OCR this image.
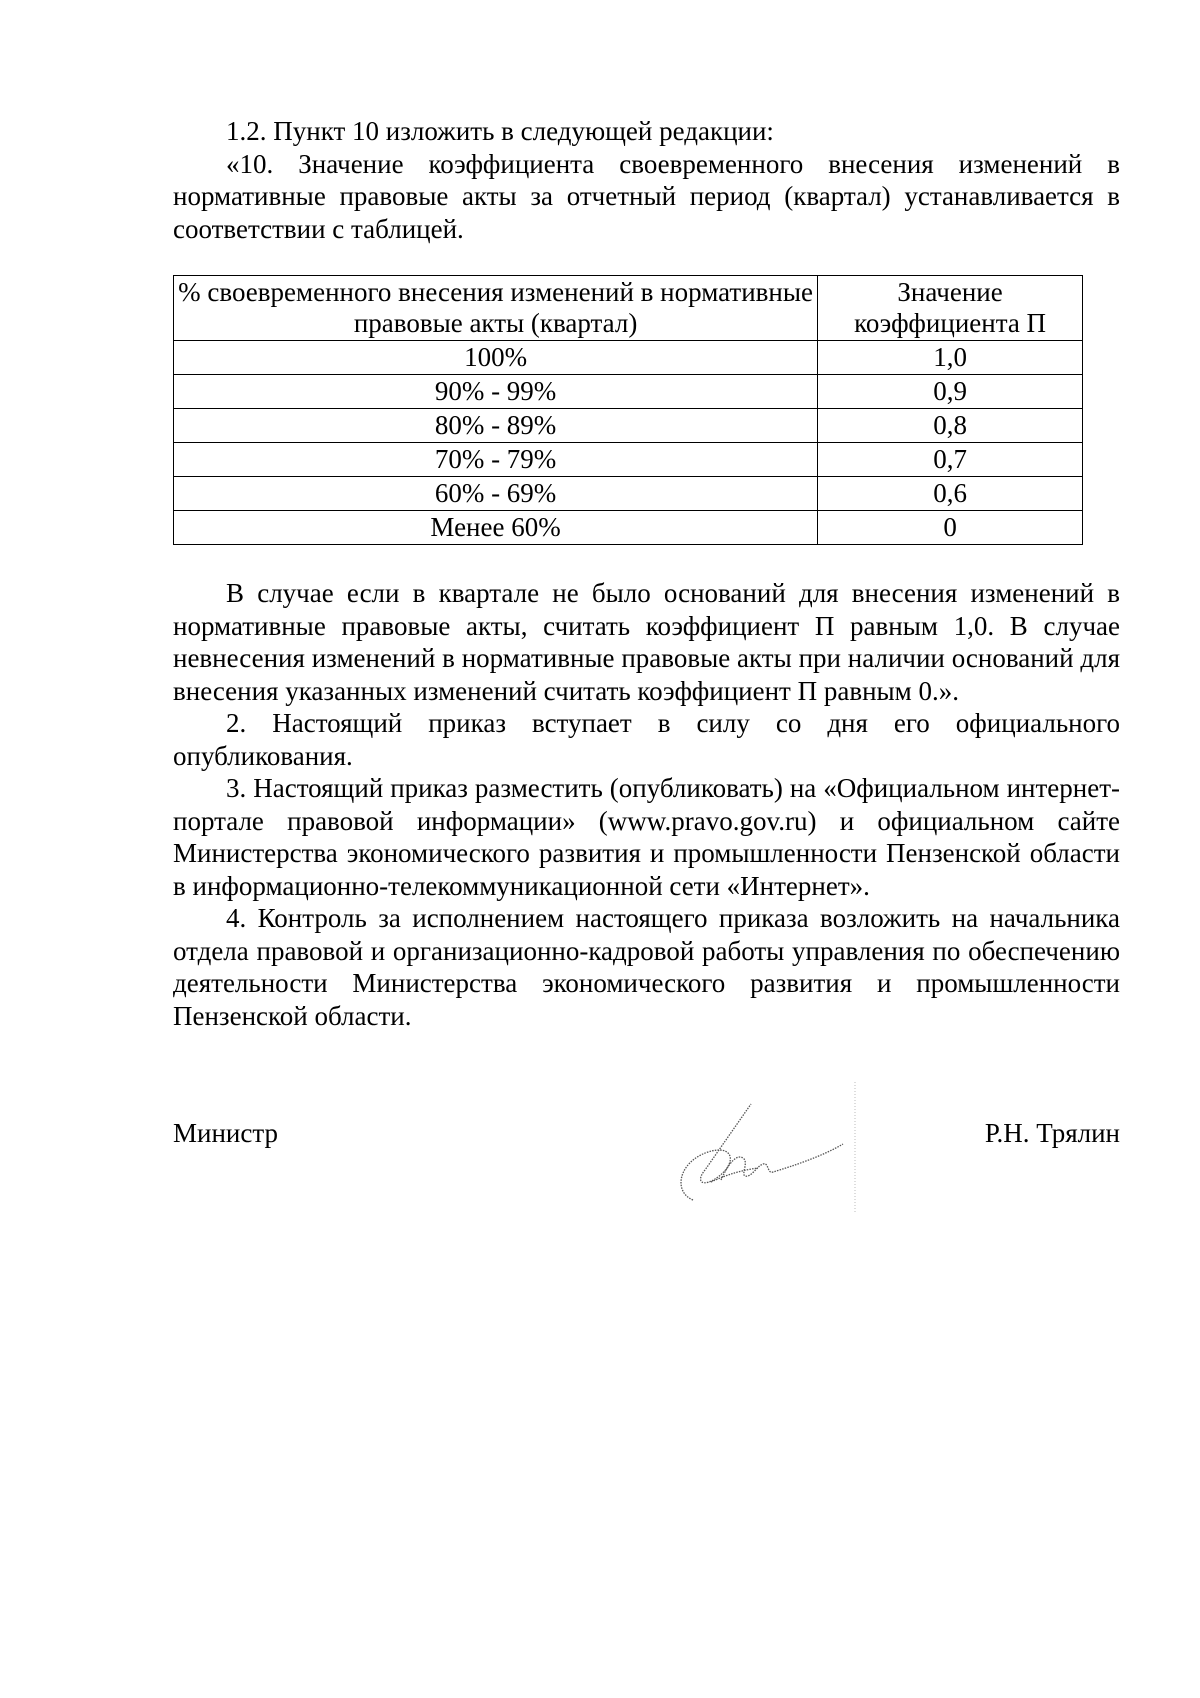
1.2. Пункт 10 изложить в следующей редакции:

«10. Значение коэффициента своевременного внесения изменений в нормативные правовые акты за отчетный период (квартал) устанавливается в соответствии с таблицей.

% своевременного внесения изменений в нормативные правовые акты (квартал)	Значение коэффициента П
100%	1,0
90% - 99%	0,9
80% - 89%	0,8
70% - 79%	0,7
60% - 69%	0,6
Менее 60%	0

В случае если в квартале не было оснований для внесения изменений в нормативные правовые акты, считать коэффициент П равным 1,0. В случае невнесения изменений в нормативные правовые акты при наличии оснований для внесения указанных изменений считать коэффициент П равным 0.».

2. Настоящий приказ вступает в силу со дня его официального опубликования.

3. Настоящий приказ разместить (опубликовать) на «Официальном интернет-портале правовой информации» (www.pravo.gov.ru) и официальном сайте Министерства экономического развития и промышленности Пензенской области в информационно-телекоммуникационной сети «Интернет».

4. Контроль за исполнением настоящего приказа возложить на начальника отдела правовой и организационно-кадровой работы управления по обеспечению деятельности Министерства экономического развития и промышленности Пензенской области.

Министр	Р.Н. Трялин
